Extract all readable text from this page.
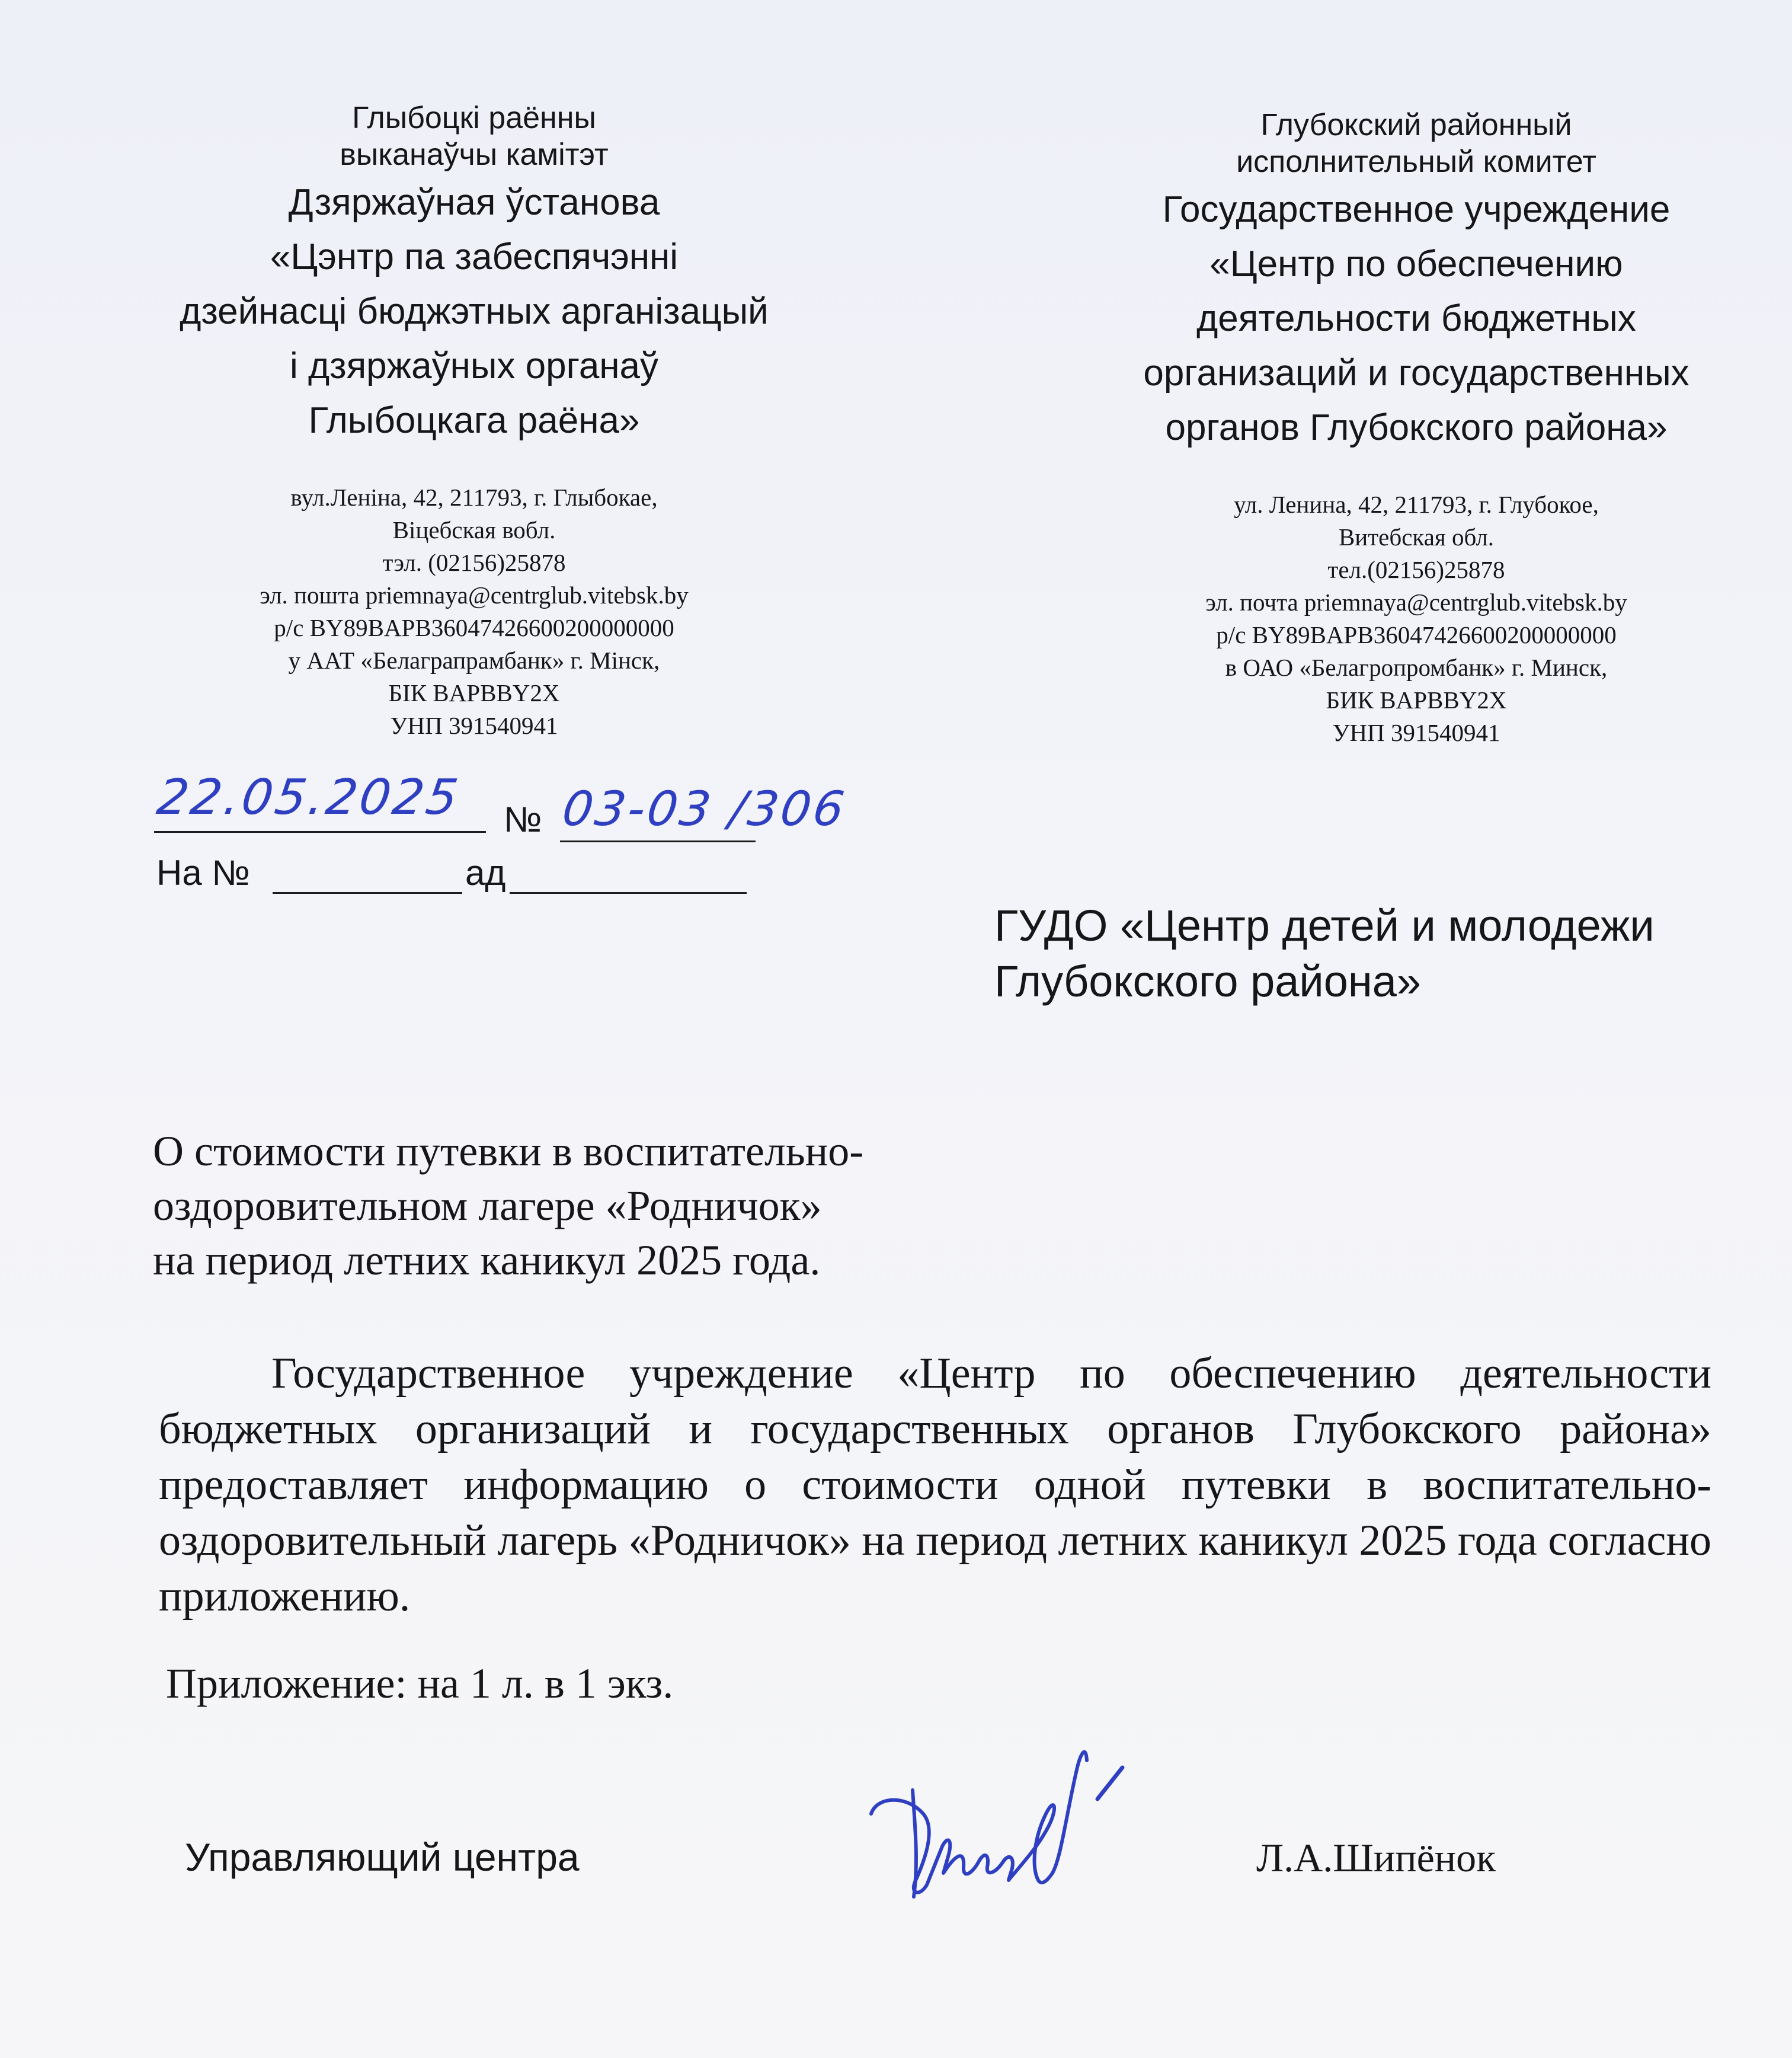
Глыбоцкі раённы
выканаўчы камітэт
Дзяржаўная ўстанова
«Цэнтр па забеспячэнні
дзейнасці бюджэтных арганізацый
і дзяржаўных органаў
Глыбоцкага раёна»
вул.Леніна, 42, 211793, г. Глыбокае,
Віцебская вобл.
тэл. (02156)25878
эл. пошта priemnaya@centrglub.vitebsk.by
р/с BY89BAPB36047426600200000000
у ААТ «Белаграпрамбанк» г. Мінск,
БІК BAPBBY2X
УНП 391540941
Глубокский районный
исполнительный комитет
Государственное учреждение
«Центр по обеспечению
деятельности бюджетных
организаций и государственных
органов Глубокского района»
ул. Ленина, 42, 211793, г. Глубокое,
Витебская обл.
тел.(02156)25878
эл. почта priemnaya@centrglub.vitebsk.by
р/с BY89BAPB36047426600200000000
в ОАО «Белагропромбанк» г. Минск,
БИК BAPBBY2X
УНП 391540941
22.05.2025 № 03-03 /306
На №	ад
ГУДО «Центр детей и молодежи
Глубокского района»
О стоимости путевки в воспитательно-
оздоровительном лагере «Родничок»
на период летних каникул 2025 года.
Государственное учреждение «Центр по обеспечению деятельности бюджетных организаций и государственных органов Глубокского района» предоставляет информацию о стоимости одной путевки в воспитательно-оздоровительный лагерь «Родничок» на период летних каникул 2025 года согласно приложению.
Приложение: на 1 л. в 1 экз.
Управляющий центра	Л.А.Шипёнок
